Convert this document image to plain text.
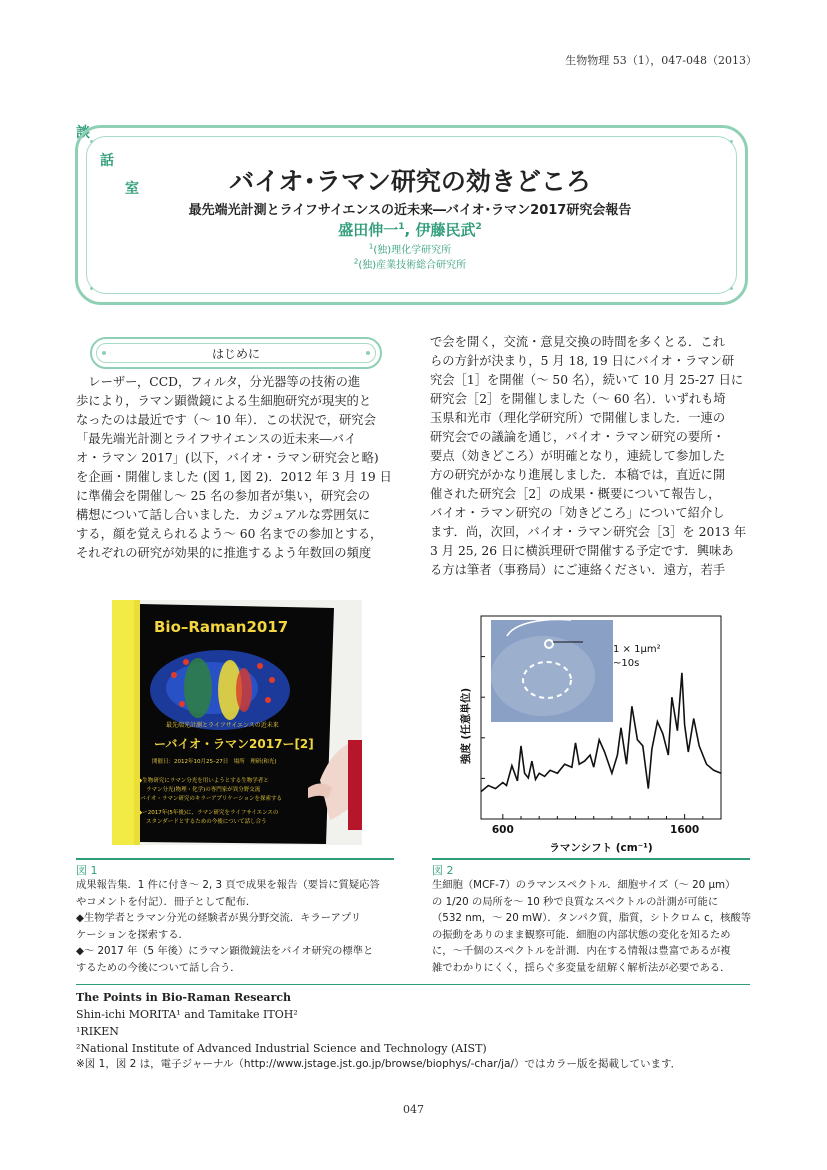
生物物理 53（1），047-048（2013）
談
話
室	バイオ･ラマン研究の効きどころ
最先端光計測とライフサイエンスの近未来―バイオ･ラマン2017研究会報告
盛田伸一$^1$, 伊藤民武$^2$
$^1$(独)理化学研究所
$^2$(独)産業技術総合研究所
はじめに
　レーザー，CCD，フィルタ，分光器等の技術の進
歩により，ラマン顕微鏡による生細胞研究が現実的と
なったのは最近です（～ 10 年）．この状況で，研究会
「最先端光計測とライフサイエンスの近未来―バイ
オ・ラマン 2017」(以下，バイオ・ラマン研究会と略)
を企画・開催しました (図 1, 図 2)．2012 年 3 月 19 日
に準備会を開催し～ 25 名の参加者が集い，研究会の
構想について話し合いました．カジュアルな雰囲気に
する，顔を覚えられるよう～ 60 名までの参加とする，
それぞれの研究が効果的に推進するよう年数回の頻度
で会を開く，交流・意見交換の時間を多くとる．これ
らの方針が決まり，5 月 18, 19 日にバイオ・ラマン研
究会［1］を開催（～ 50 名），続いて 10 月 25-27 日に
研究会［2］を開催しました（～ 60 名）．いずれも埼
玉県和光市（理化学研究所）で開催しました．一連の
研究会での議論を通じ，バイオ・ラマン研究の要所・
要点（効きどころ）が明確となり，連続して参加した
方の研究がかなり進展しました．本稿では，直近に開
催された研究会［2］の成果・概要について報告し，
バイオ・ラマン研究の「効きどころ」について紹介し
ます．尚，次回，バイオ・ラマン研究会［3］を 2013 年
3 月 25, 26 日に横浜理研で開催する予定です．興味あ
る方は筆者（事務局）にご連絡ください．遠方，若手
Bio–Raman2017
最先端光計測とライフサイエンスの近未来
ーバイオ・ラマン2017ー[2]
開催日：2012年10月25–27日　場所　理研(和光)
◆生物研究にラマン分光を用いようとする生物学者と
ラマン分光(物理・化学)の専門家が異分野交流
バイオ・ラマン研究のキラーアプリケーションを探索する
◆ー2017年(5年後)に、ラマン研究をライフサイエンスの
スタンダードとするための今後について話し合う
強度 (任意単位)
1 × 1μm²
~10s
600	1600
ラマンシフト (cm⁻¹)
図 1
成果報告集．1 件に付き～ 2, 3 頁で成果を報告（要旨に質疑応答
やコメントを付記）．冊子として配布．
◆生物学者とラマン分光の経験者が異分野交流．キラーアプリ
ケーションを探索する．
◆～ 2017 年（5 年後）にラマン顕微鏡法をバイオ研究の標準と
するための今後について話し合う．
図 2
生細胞（MCF-7）のラマンスペクトル．細胞サイズ（～ 20 μm）
の 1/20 の局所を～ 10 秒で良質なスペクトルの計測が可能に
（532 nm，～ 20 mW）．タンパク質，脂質，シトクロム c，核酸等
の振動をありのまま観察可能．細胞の内部状態の変化を知るため
に，～千個のスペクトルを計測．内在する情報は豊富であるが複
雑でわかりにくく，揺らぐ多変量を紐解く解析法が必要である．
The Points in Bio-Raman Research
Shin-ichi MORITA¹ and Tamitake ITOH²
¹RIKEN
²National Institute of Advanced Industrial Science and Technology (AIST)
※図 1，図 2 は，電子ジャーナル（http://www.jstage.jst.go.jp/browse/biophys/-char/ja/）ではカラー版を掲載しています．
047
